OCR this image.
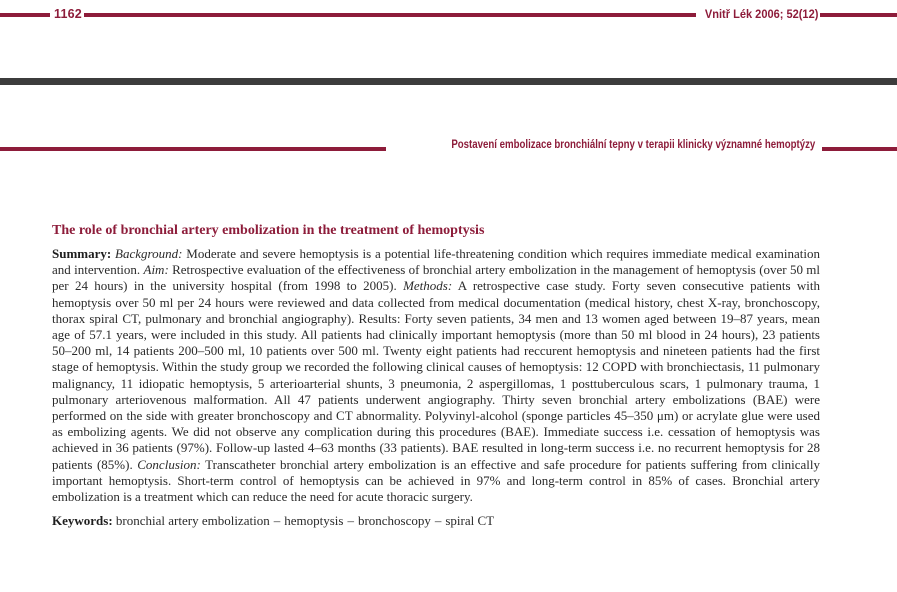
1162	Vnitř Lék 2006; 52(12)
Postavení embolizace bronchiální tepny v terapii klinicky významné hemoptýzy
The role of bronchial artery embolization in the treatment of hemoptysis

Summary: Background: Moderate and severe hemoptysis is a potential life-threatening condition which requires immediate medical examination and intervention. Aim: Retrospective evaluation of the effectiveness of bronchial artery embolization in the management of hemoptysis (over 50 ml per 24 hours) in the university hospital (from 1998 to 2005). Methods: A retrospective case study. Forty seven consecutive patients with hemoptysis over 50 ml per 24 hours were reviewed and data collected from medical documentation (medical history, chest X-ray, bronchoscopy, thorax spiral CT, pulmonary and bronchial angiography). Results: Forty seven patients, 34 men and 13 women aged between 19–87 years, mean age of 57.1 years, were included in this study. All patients had clinically important hemoptysis (more than 50 ml blood in 24 hours), 23 patients 50–200 ml, 14 patients 200–500 ml, 10 patients over 500 ml. Twenty eight patients had reccurent hemoptysis and nineteen patients had the first stage of hemoptysis. Within the study group we recorded the following clinical causes of hemoptysis: 12 COPD with bronchiectasis, 11 pulmonary malignancy, 11 idiopatic hemoptysis, 5 arterioarterial shunts, 3 pneumonia, 2 aspergillomas, 1 posttuberculous scars, 1 pulmonary trauma, 1 pulmonary arteriovenous malformation. All 47 patients underwent angiography. Thirty seven bronchial artery embolizations (BAE) were performed on the side with greater bronchoscopy and CT abnormality. Polyvinyl-alcohol (sponge particles 45–350 μm) or acrylate glue were used as embolizing agents. We did not observe any complication during this procedures (BAE). Immediate success i.e. cessation of hemoptysis was achieved in 36 patients (97%). Follow-up lasted 4–63 months (33 patients). BAE resulted in long-term success i.e. no recurrent hemoptysis for 28 patients (85%). Conclusion: Transcatheter bronchial artery embolization is an effective and safe procedure for patients suffering from clinically important hemoptysis. Short-term control of hemoptysis can be achieved in 97% and long-term control in 85% of cases. Bronchial artery embolization is a treatment which can reduce the need for acute thoracic surgery.

Keywords: bronchial artery embolization – hemoptysis – bronchoscopy – spiral CT
